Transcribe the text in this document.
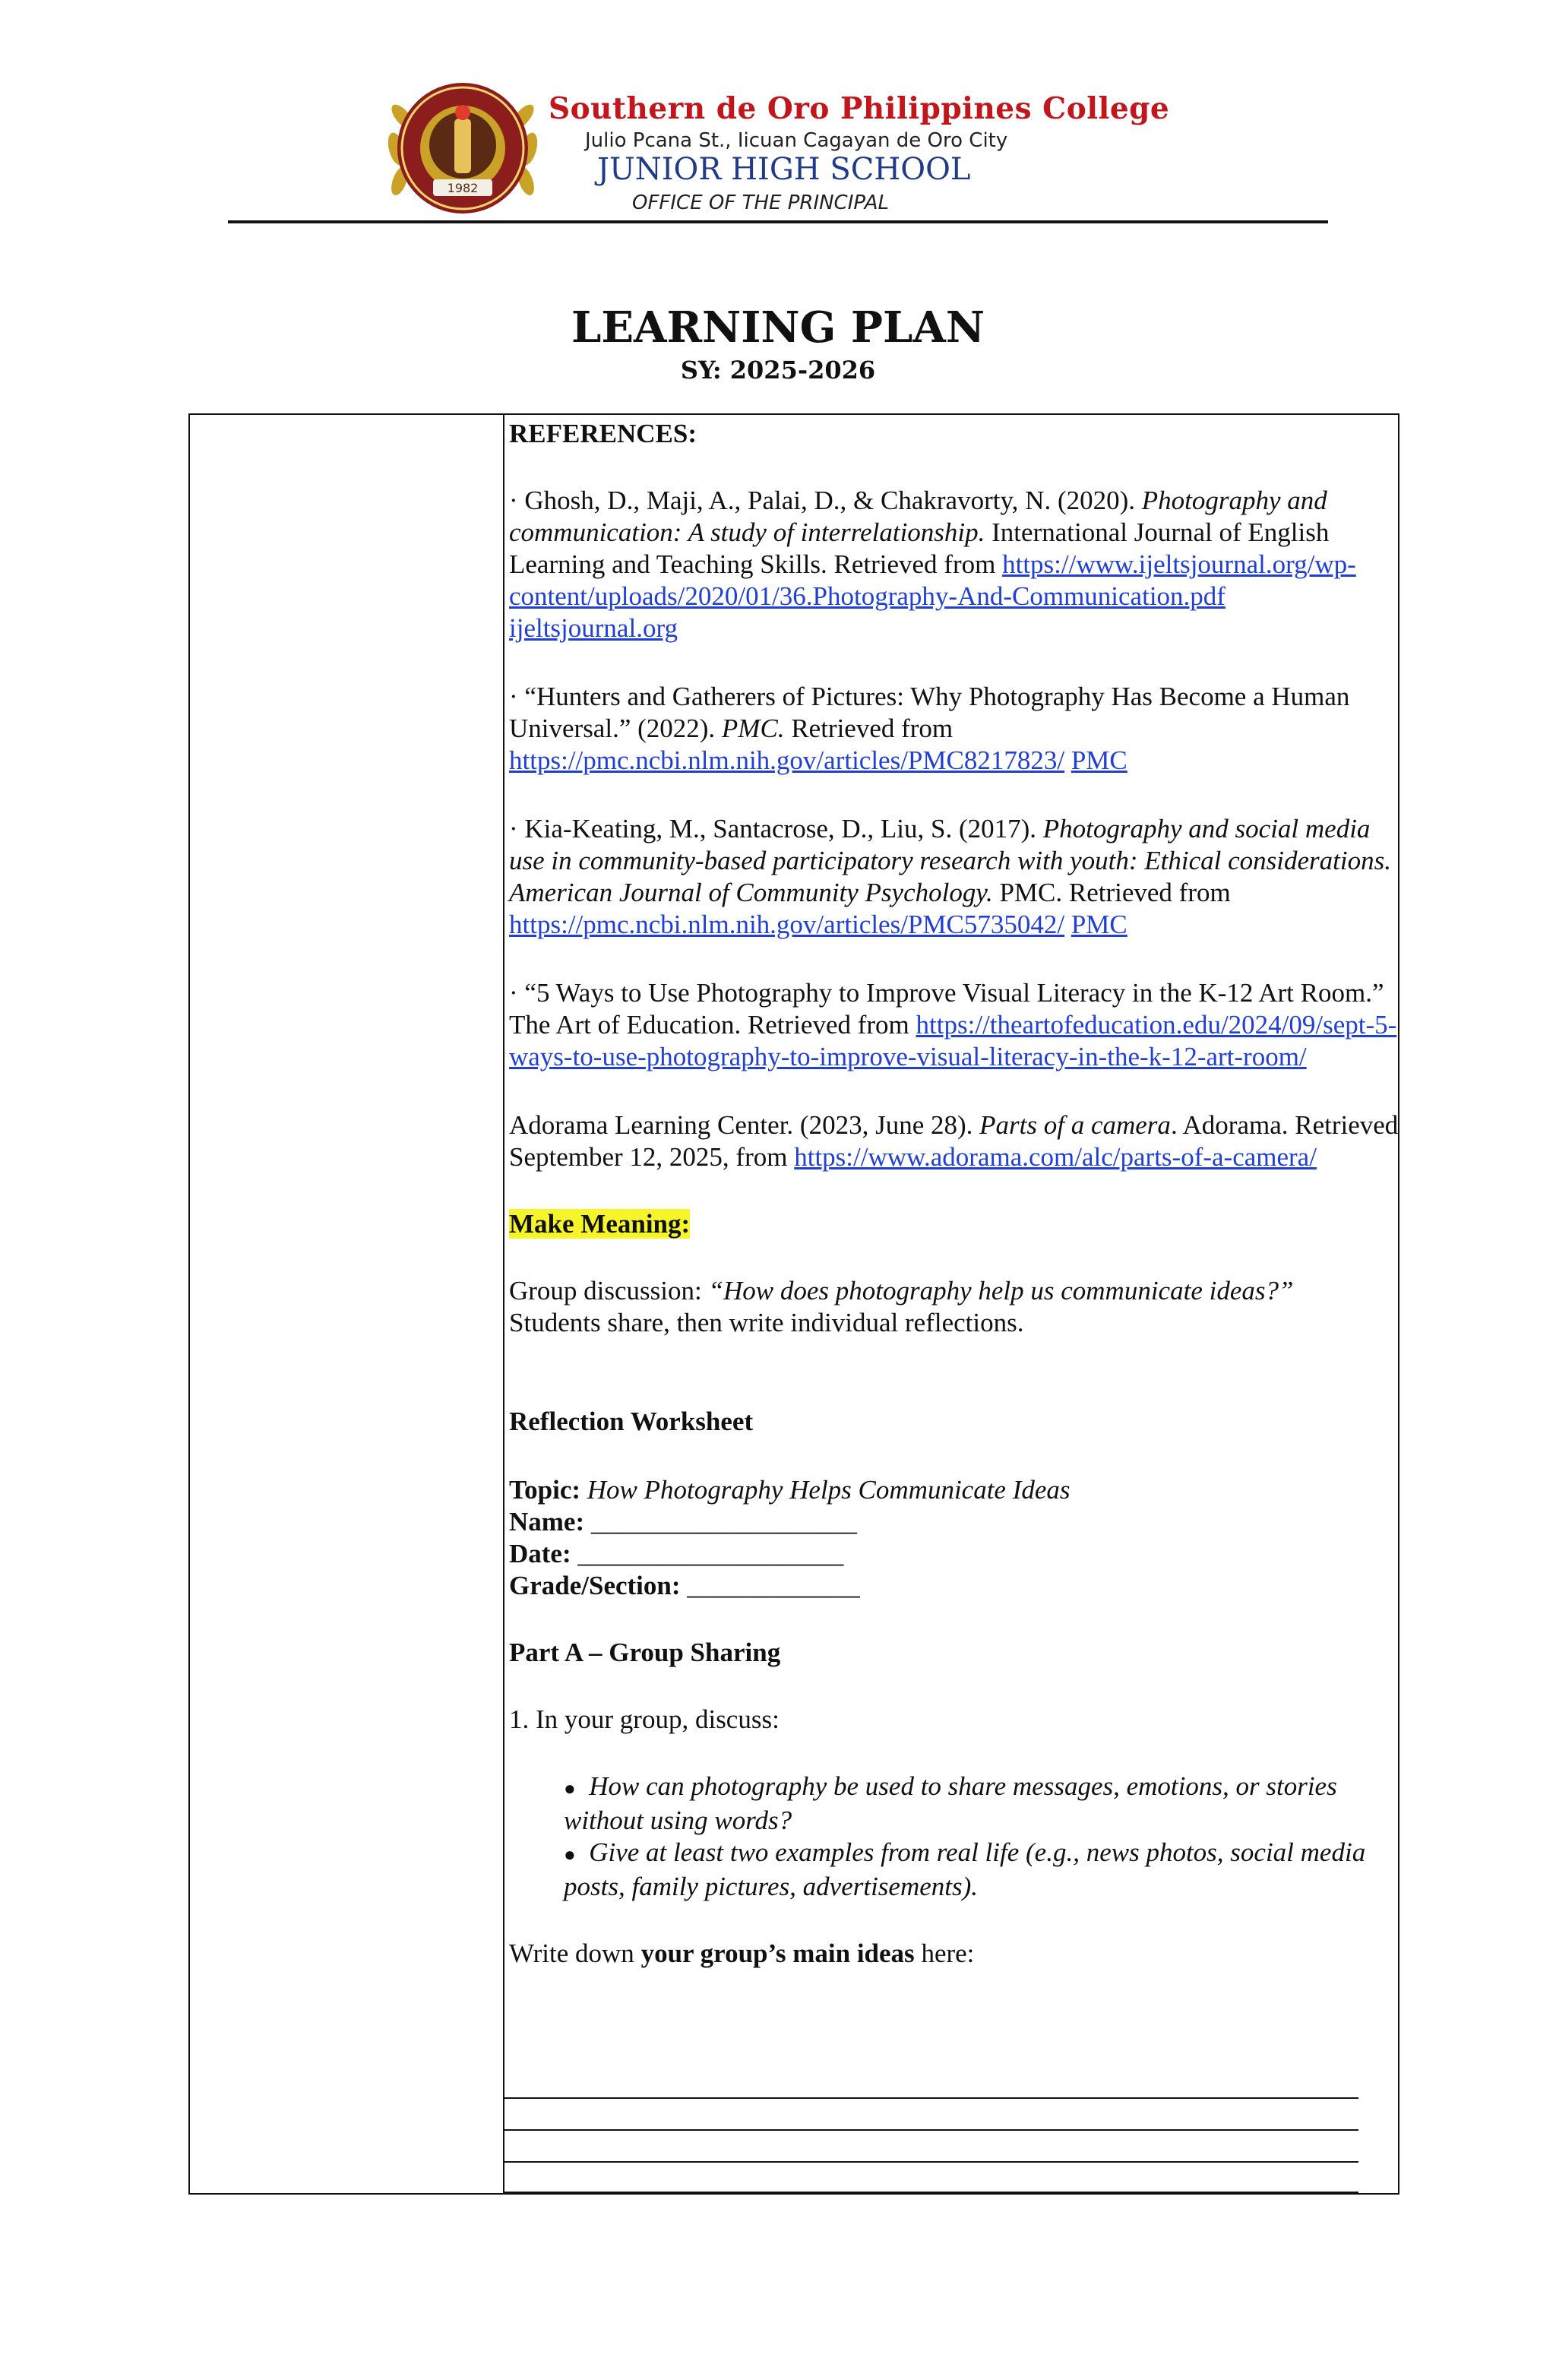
1982
Southern de Oro Philippines College
Julio Pcana St., Iicuan Cagayan de Oro City
JUNIOR HIGH SCHOOL
OFFICE OF THE PRINCIPAL
LEARNING PLAN
SY: 2025-2026

REFERENCES:

· Ghosh, D., Maji, A., Palai, D., & Chakravorty, N. (2020). Photography and communication: A study of interrelationship. International Journal of English Learning and Teaching Skills. Retrieved from https://www.ijeltsjournal.org/wp-content/uploads/2020/01/36.Photography-And-Communication.pdf
ijeltsjournal.org

· “Hunters and Gatherers of Pictures: Why Photography Has Become a Human Universal.” (2022). PMC. Retrieved from https://pmc.ncbi.nlm.nih.gov/articles/PMC8217823/ PMC

· Kia-Keating, M., Santacrose, D., Liu, S. (2017). Photography and social media use in community-based participatory research with youth: Ethical considerations. American Journal of Community Psychology. PMC. Retrieved from https://pmc.ncbi.nlm.nih.gov/articles/PMC5735042/ PMC

· “5 Ways to Use Photography to Improve Visual Literacy in the K-12 Art Room.” The Art of Education. Retrieved from https://theartofeducation.edu/2024/09/sept-5-ways-to-use-photography-to-improve-visual-literacy-in-the-k-12-art-room/

Adorama Learning Center. (2023, June 28). Parts of a camera. Adorama. Retrieved September 12, 2025, from https://www.adorama.com/alc/parts-of-a-camera/

Make Meaning:

Group discussion: “How does photography help us communicate ideas?”
Students share, then write individual reflections.

Reflection Worksheet

Topic: How Photography Helps Communicate Ideas

Name: ____________________

Date: ____________________

Grade/Section: _____________

Part A – Group Sharing

1. In your group, discuss:

● How can photography be used to share messages, emotions, or stories without using words?

● Give at least two examples from real life (e.g., news photos, social media posts, family pictures, advertisements).

Write down your group’s main ideas here:
